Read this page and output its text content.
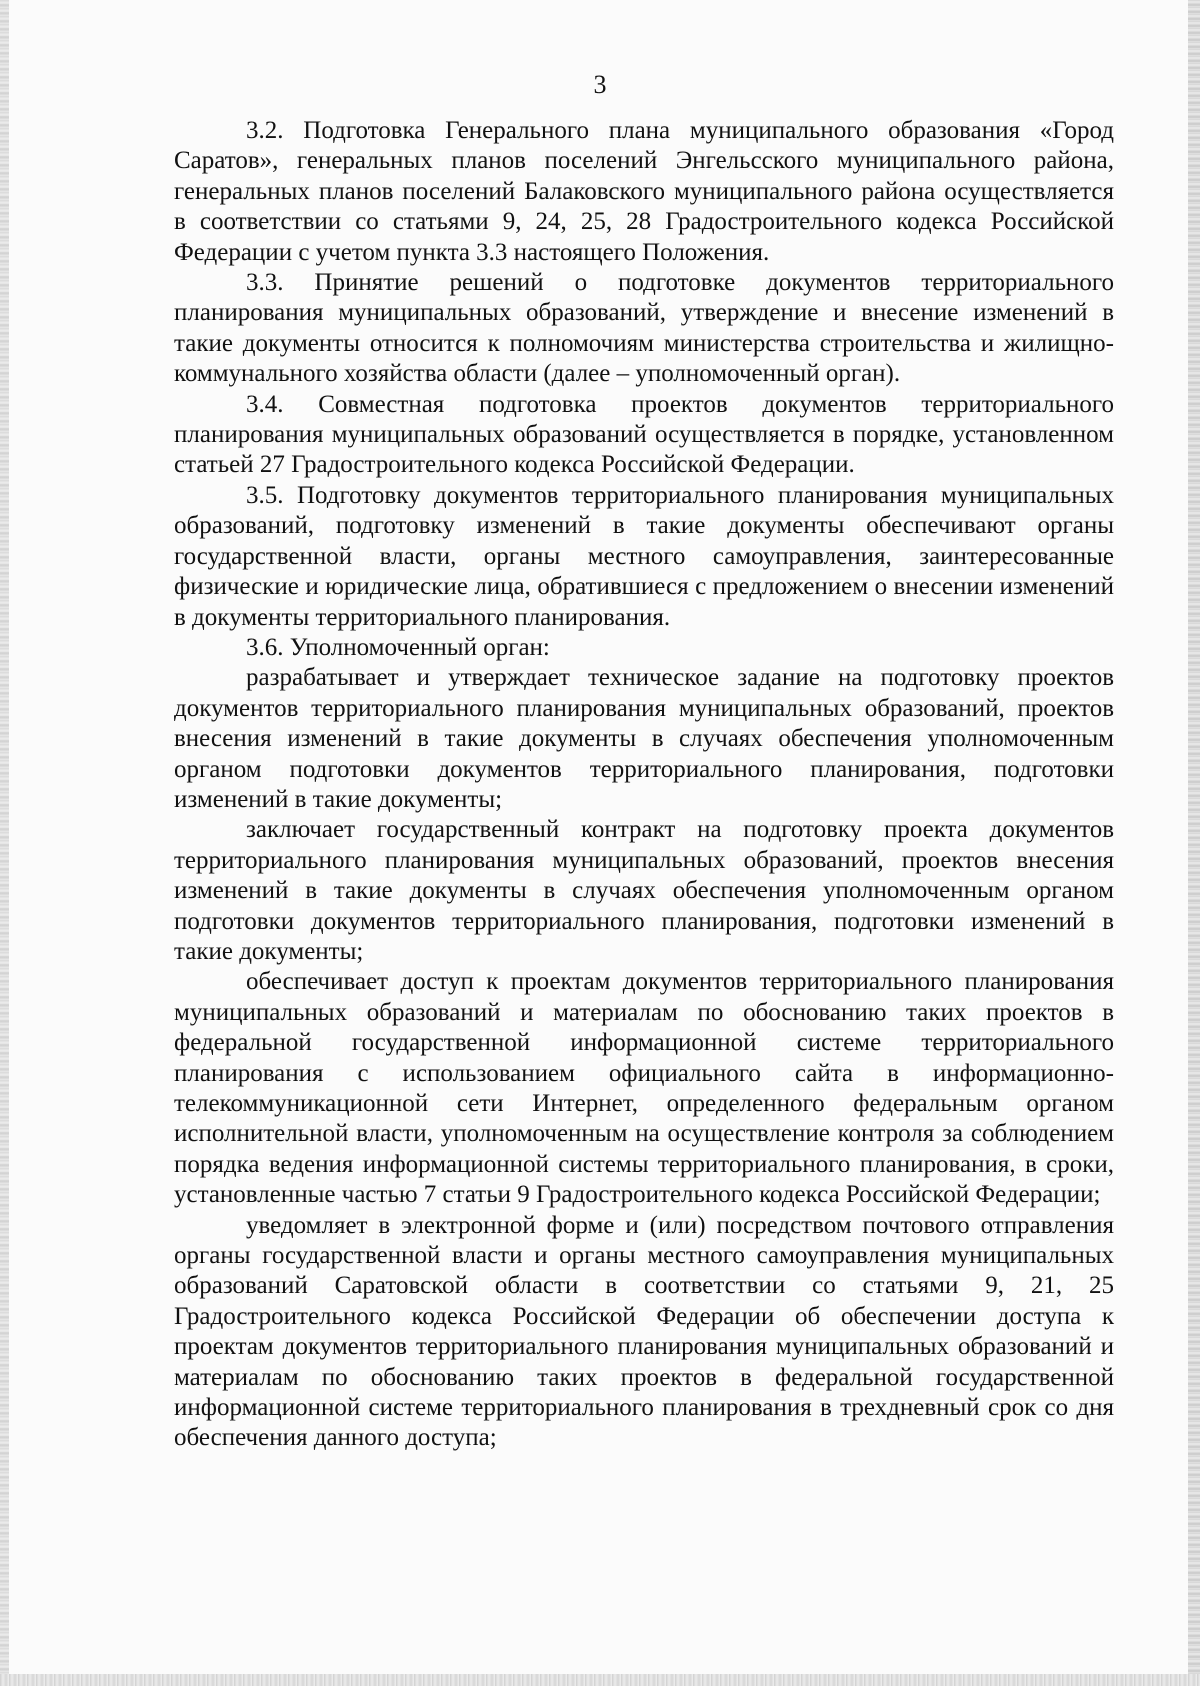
3

3.2. Подготовка Генерального плана муниципального образования «Город Саратов», генеральных планов поселений Энгельсского муниципального района, генеральных планов поселений Балаковского муниципального района осуществляется в соответствии со статьями 9, 24, 25, 28 Градостроительного кодекса Российской Федерации с учетом пункта 3.3 настоящего Положения.

3.3. Принятие решений о подготовке документов территориального планирования муниципальных образований, утверждение и внесение изменений в такие документы относится к полномочиям министерства строительства и жилищно-коммунального хозяйства области (далее – уполномоченный орган).

3.4. Совместная подготовка проектов документов территориального планирования муниципальных образований осуществляется в порядке, установленном статьей 27 Градостроительного кодекса Российской Федерации.

3.5. Подготовку документов территориального планирования муниципальных образований, подготовку изменений в такие документы обеспечивают органы государственной власти, органы местного самоуправления, заинтересованные физические и юридические лица, обратившиеся с предложением о внесении изменений в документы территориального планирования.

3.6. Уполномоченный орган:

разрабатывает и утверждает техническое задание на подготовку проектов документов территориального планирования муниципальных образований, проектов внесения изменений в такие документы в случаях обеспечения уполномоченным органом подготовки документов территориального планирования, подготовки изменений в такие документы;

заключает государственный контракт на подготовку проекта документов территориального планирования муниципальных образований, проектов внесения изменений в такие документы в случаях обеспечения уполномоченным органом подготовки документов территориального планирования, подготовки изменений в такие документы;

обеспечивает доступ к проектам документов территориального планирования муниципальных образований и материалам по обоснованию таких проектов в федеральной государственной информационной системе территориального планирования с использованием официального сайта в информационно-телекоммуникационной сети Интернет, определенного федеральным органом исполнительной власти, уполномоченным на осуществление контроля за соблюдением порядка ведения информационной системы территориального планирования, в сроки, установленные частью 7 статьи 9 Градостроительного кодекса Российской Федерации;

уведомляет в электронной форме и (или) посредством почтового отправления органы государственной власти и органы местного самоуправления муниципальных образований Саратовской области в соответствии со статьями 9, 21, 25 Градостроительного кодекса Российской Федерации об обеспечении доступа к проектам документов территориального планирования муниципальных образований и материалам по обоснованию таких проектов в федеральной государственной информационной системе территориального планирования в трехдневный срок со дня обеспечения данного доступа;
